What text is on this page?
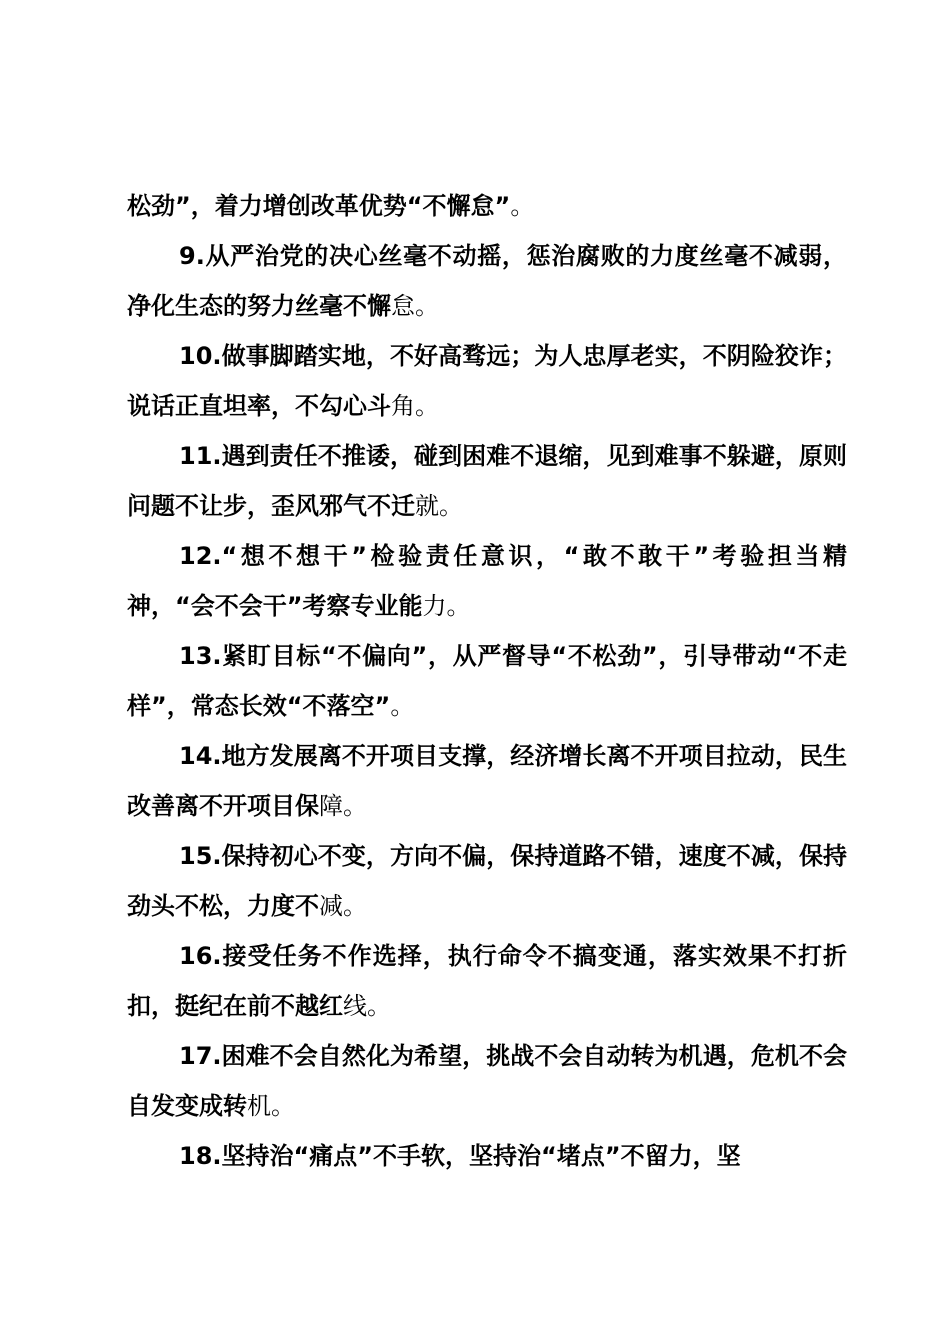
松劲”，着力增创改革优势“不懈怠”。

9.从严治党的决心丝毫不动摇，惩治腐败的力度丝毫不减弱，净化生态的努力丝毫不懈怠。

10.做事脚踏实地，不好高骛远；为人忠厚老实，不阴险狡诈；说话正直坦率，不勾心斗角。

11.遇到责任不推诿，碰到困难不退缩，见到难事不躲避，原则问题不让步，歪风邪气不迁就。

12.“想不想干”检验责任意识，“敢不敢干”考验担当精神，“会不会干”考察专业能力。

13.紧盯目标“不偏向”，从严督导“不松劲”，引导带动“不走样”，常态长效“不落空”。

14.地方发展离不开项目支撑，经济增长离不开项目拉动，民生改善离不开项目保障。

15.保持初心不变，方向不偏，保持道路不错，速度不减，保持劲头不松，力度不减。

16.接受任务不作选择，执行命令不搞变通，落实效果不打折扣，挺纪在前不越红线。

17.困难不会自然化为希望，挑战不会自动转为机遇，危机不会自发变成转机。

18.坚持治“痛点”不手软，坚持治“堵点”不留力，坚
